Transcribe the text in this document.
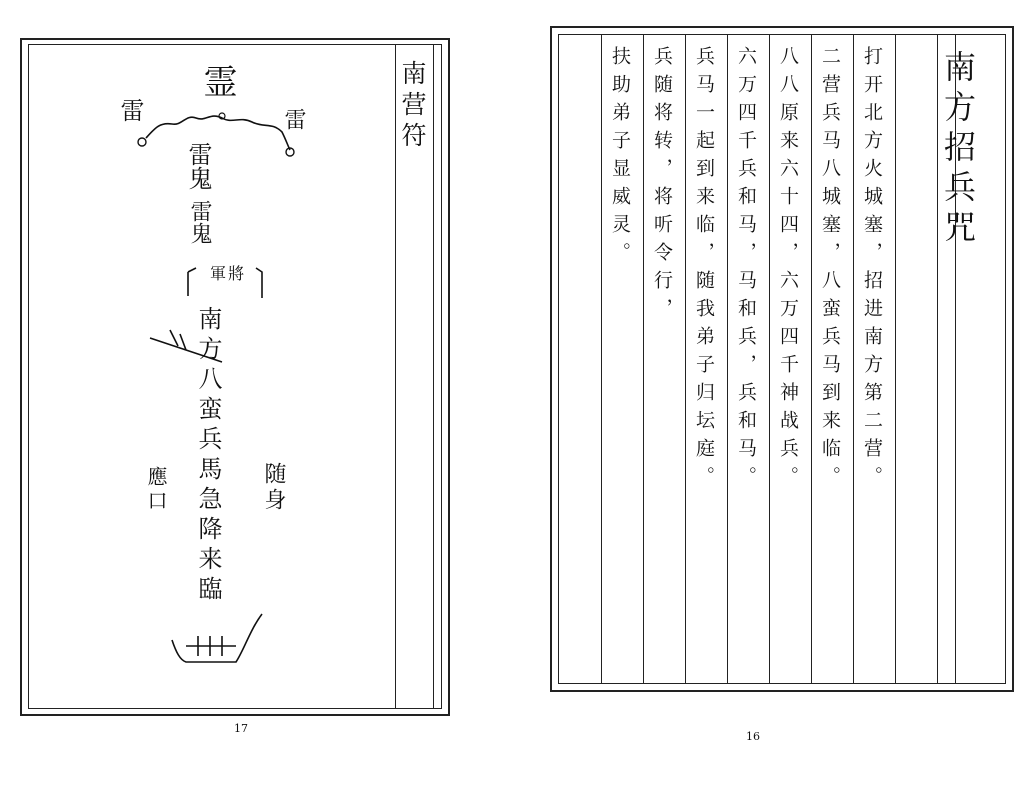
南营符
霊
雷	雷
雷鬼
雷鬼
軍將
南方八蛮兵馬急降来臨 随身
應口
17
南方招兵咒
打开北方火城塞，招进南方第二营。
二营兵马八城塞，八蛮兵马到来临。
八八原来六十四，六万四千神战兵。
六万四千兵和马，马和兵，兵和马。
兵马一起到来临，随我弟子归坛庭。
兵随将转，将听令行，
扶助弟子显威灵。
16
